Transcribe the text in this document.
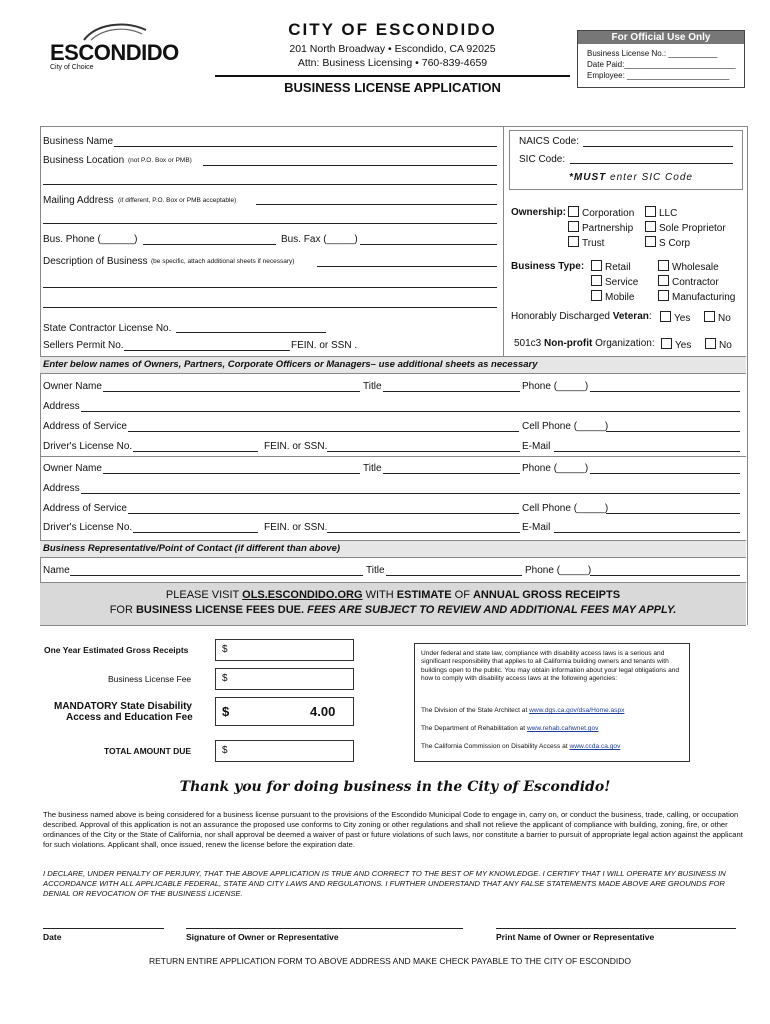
ESCONDIDO
City of Choice
CITY OF ESCONDIDO
201 North Broadway • Escondido, CA 92025
Attn: Business Licensing • 760-839-4659
BUSINESS LICENSE APPLICATION
For Official Use Only
Business License No.: ___________
Date Paid:_________________________
Employee: _______________________
Business Name
Business Location (not P.O. Box or PMB)
Mailing Address (if different, P.O. Box or PMB acceptable)
Bus. Phone (______)	Bus. Fax (_____)
Description of Business (be specific, attach additional sheets if necessary)
State Contractor License No.
Sellers Permit No.	FEIN. or SSN .
NAICS Code:
SIC Code:
*MUST enter SIC Code
Ownership:	Corporation	LLC
Partnership	Sole Proprietor
Trust	S Corp
Business Type:	Retail	Wholesale
Service	Contractor
Mobile	Manufacturing
Honorably Discharged Veteran:	Yes	No
501c3 Non-profit Organization:	Yes	No
Enter below names of Owners, Partners, Corporate Officers or Managers– use additional sheets as necessary
Owner Name	Title	Phone (_____)
Address
Address of Service	Cell Phone (_____)
Driver's License No.	FEIN. or SSN.	E-Mail
Owner Name	Title	Phone (_____)
Address
Address of Service	Cell Phone (_____)
Driver's License No.	FEIN. or SSN.	E-Mail
Business Representative/Point of Contact (if different than above)
Name	Title	Phone (_____)
PLEASE VISIT OLS.ESCONDIDO.ORG WITH ESTIMATE OF ANNUAL GROSS RECEIPTS
FOR BUSINESS LICENSE FEES DUE. FEES ARE SUBJECT TO REVIEW AND ADDITIONAL FEES MAY APPLY.
One Year Estimated Gross Receipts	$
Business License Fee	$
MANDATORY State Disability
Access and Education Fee $	4.00
TOTAL AMOUNT DUE	$
Under federal and state law, compliance with disability access laws is a serious and significant responsibility that applies to all California building owners and tenants with buildings open to the public. You may obtain information about your legal obligations and how to comply with disability access laws at the following agencies:
The Division of the State Architect at www.dgs.ca.gov/dsa/Home.aspx
The Department of Rehabilitation at www.rehab.cahwnet.gov
The California Commission on Disability Access at www.ccda.ca.gov
Thank you for doing business in the City of Escondido!
The business named above is being considered for a business license pursuant to the provisions of the Escondido Municipal Code to engage in, carry on, or conduct the business, trade, calling, or occupation described. Approval of this application is not an assurance the proposed use conforms to City zoning or other regulations and shall not relieve the applicant of compliance with building, zoning, fire, or other ordinances of the City or the State of California, nor shall approval be deemed a waiver of past or future violations of such laws, nor constitute a barrier to pursuit of appropriate legal action against the applicant for such violations. Applicant shall, once issued, renew the license before the expiration date.
I DECLARE, UNDER PENALTY OF PERJURY, THAT THE ABOVE APPLICATION IS TRUE AND CORRECT TO THE BEST OF MY KNOWLEDGE. I CERTIFY THAT I WILL OPERATE MY BUSINESS IN ACCORDANCE WITH ALL APPLICABLE FEDERAL, STATE AND CITY LAWS AND REGULATIONS. I FURTHER UNDERSTAND THAT ANY FALSE STATEMENTS MADE ABOVE ARE GROUNDS FOR DENIAL OR REVOCATION OF THE BUSINESS LICENSE.
Date	Signature of Owner or Representative	Print Name of Owner or Representative
RETURN ENTIRE APPLICATION FORM TO ABOVE ADDRESS AND MAKE CHECK PAYABLE TO THE CITY OF ESCONDIDO
